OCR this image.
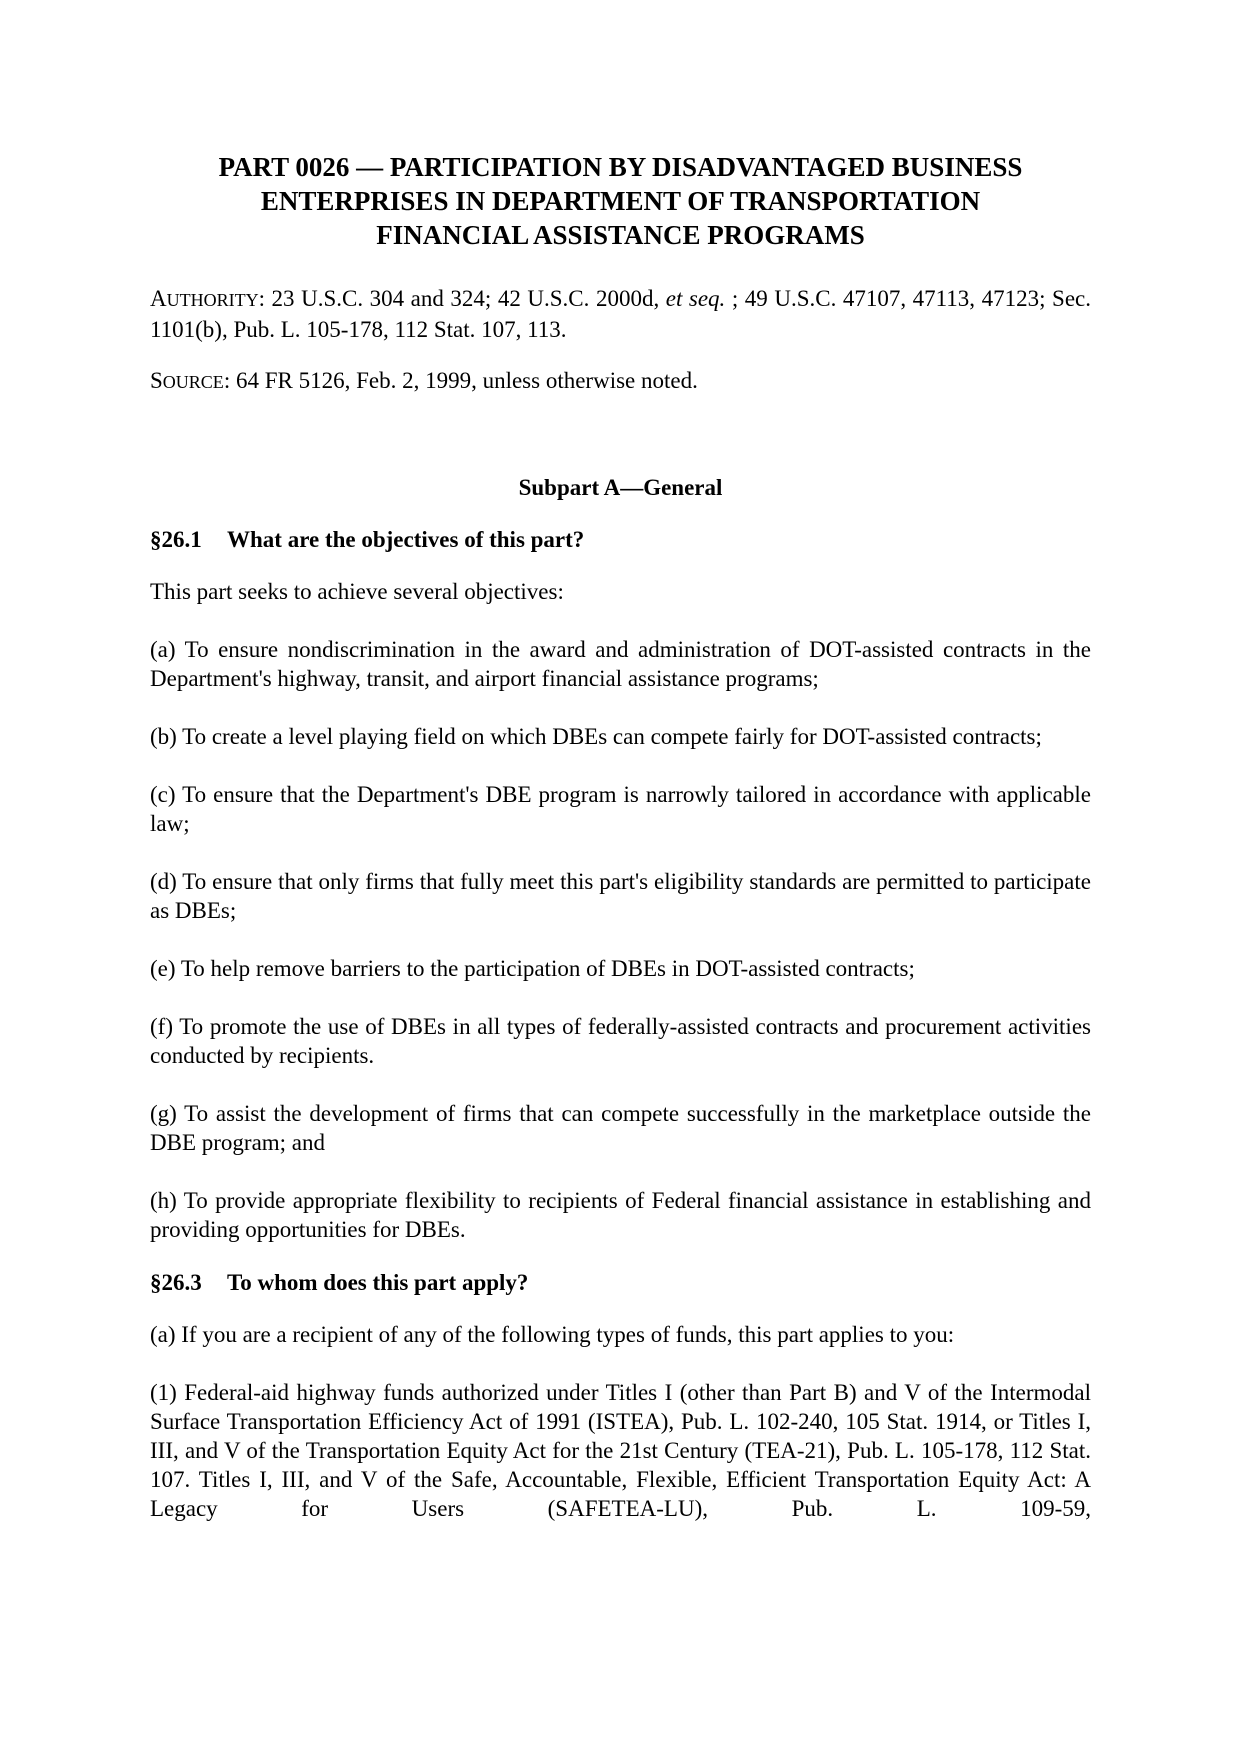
PART 0026 — PARTICIPATION BY DISADVANTAGED BUSINESS
ENTERPRISES IN DEPARTMENT OF TRANSPORTATION
FINANCIAL ASSISTANCE PROGRAMS

AUTHORITY: 23 U.S.C. 304 and 324; 42 U.S.C. 2000d, et seq. ; 49 U.S.C. 47107, 47113, 47123; Sec. 1101(b), Pub. L. 105-178, 112 Stat. 107, 113.

SOURCE: 64 FR 5126, Feb. 2, 1999, unless otherwise noted.

Subpart A—General
§26.1 What are the objectives of this part?

This part seeks to achieve several objectives:

(a) To ensure nondiscrimination in the award and administration of DOT-assisted contracts in the Department's highway, transit, and airport financial assistance programs;

(b) To create a level playing field on which DBEs can compete fairly for DOT-assisted contracts;

(c) To ensure that the Department's DBE program is narrowly tailored in accordance with applicable law;

(d) To ensure that only firms that fully meet this part's eligibility standards are permitted to participate as DBEs;

(e) To help remove barriers to the participation of DBEs in DOT-assisted contracts;

(f) To promote the use of DBEs in all types of federally-assisted contracts and procurement activities conducted by recipients.

(g) To assist the development of firms that can compete successfully in the marketplace outside the DBE program; and

(h) To provide appropriate flexibility to recipients of Federal financial assistance in establishing and providing opportunities for DBEs.

§26.3 To whom does this part apply?

(a) If you are a recipient of any of the following types of funds, this part applies to you:

(1) Federal-aid highway funds authorized under Titles I (other than Part B) and V of the Intermodal Surface Transportation Efficiency Act of 1991 (ISTEA), Pub. L. 102-240, 105 Stat. 1914, or Titles I, III, and V of the Transportation Equity Act for the 21st Century (TEA-21), Pub. L. 105-178, 112 Stat. 107. Titles I, III, and V of the Safe, Accountable, Flexible, Efficient Transportation Equity Act: A Legacy for Users (SAFETEA-LU), Pub. L. 109-59,
